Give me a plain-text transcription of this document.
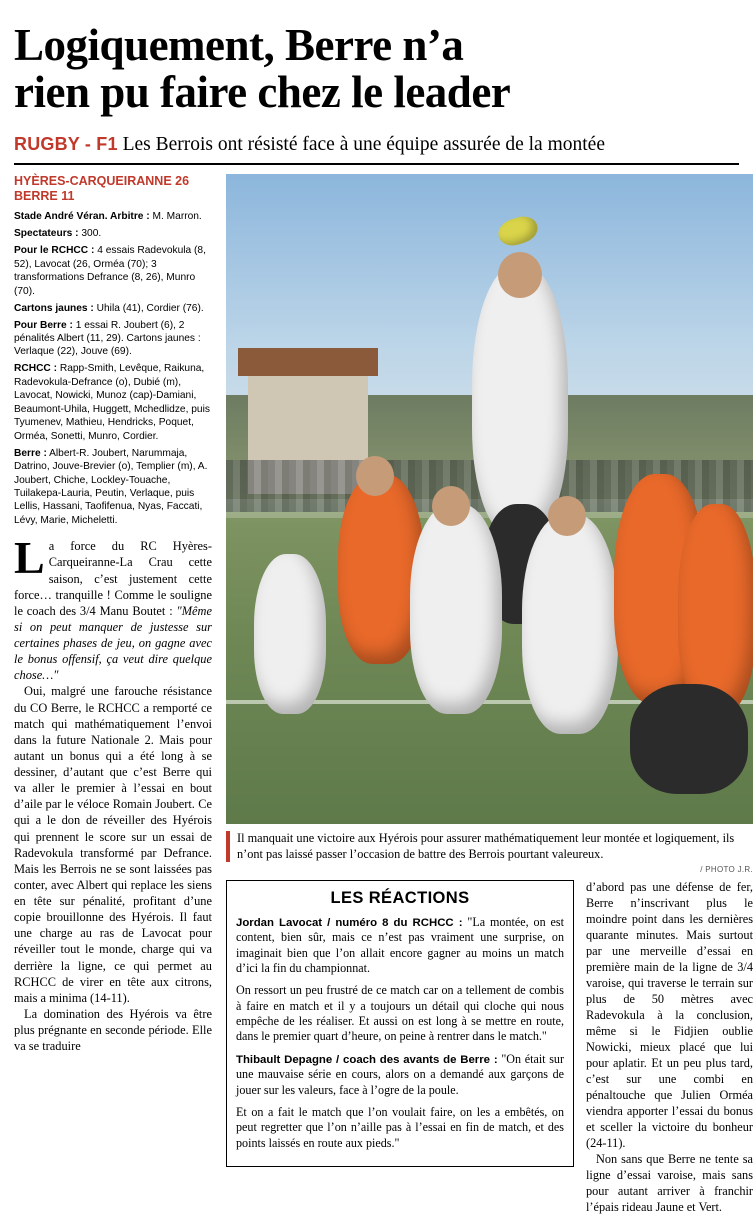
Logiquement, Berre n’a
rien pu faire chez le leader
RUGBY - F1 Les Berrois ont résisté face à une équipe assurée de la montée
HYÈRES-CARQUEIRANNE 26
BERRE 11

Stade André Véran. Arbitre : M. Marron.

Spectateurs : 300.

Pour le RCHCC : 4 essais Radevokula (8, 52), Lavocat (26, Orméa (70); 3 transformations Defrance (8, 26), Munro (70).

Cartons jaunes : Uhila (41), Cordier (76).

Pour Berre : 1 essai R. Joubert (6), 2 pénalités Albert (11, 29). Cartons jaunes : Verlaque (22), Jouve (69).

RCHCC : Rapp-Smith, Levêque, Raikuna, Radevokula-Defrance (o), Dubié (m), Lavocat, Nowicki, Munoz (cap)-Damiani, Beaumont-Uhila, Huggett, Mchedlidze, puis Tyumenev, Mathieu, Hendricks, Poquet, Orméa, Sonetti, Munro, Cordier.

Berre : Albert-R. Joubert, Narummaja, Datrino, Jouve-Brevier (o), Templier (m), A. Joubert, Chiche, Lockley-Touache, Tuilakepa-Lauria, Peutin, Verlaque, puis Lellis, Hassani, Taofifenua, Nyas, Faccati, Lévy, Marie, Micheletti.

La force du RC Hyères-Carqueiranne-La Crau cette saison, c’est justement cette force… tranquille ! Comme le souligne le coach des 3/4 Manu Boutet : "Même si on peut manquer de justesse sur certaines phases de jeu, on gagne avec le bonus offensif, ça veut dire quelque chose…"

Oui, malgré une farouche résistance du CO Berre, le RCHCC a remporté ce match qui mathématiquement l’envoi dans la future Nationale 2. Mais pour autant un bonus qui a été long à se dessiner, d’autant que c’est Berre qui va aller le premier à l’essai en bout d’aile par le véloce Romain Joubert. Ce qui a le don de réveiller des Hyérois qui prennent le score sur un essai de Radevokula transformé par Defrance. Mais les Berrois ne se sont laissées pas conter, avec Albert qui replace les siens en tête sur pénalité, profitant d’une copie brouillonne des Hyérois. Il faut une charge au ras de Lavocat pour réveiller tout le monde, charge qui va derrière la ligne, ce qui permet au RCHCC de virer en tête aux citrons, mais a minima (14-11).

La domination des Hyérois va être plus prégnante en seconde période. Elle va se traduire

Il manquait une victoire aux Hyérois pour assurer mathématiquement leur montée et logiquement, ils n’ont pas laissé passer l’occasion de battre des Berrois pourtant valeureux.
/ PHOTO J.R.
LES RÉACTIONS

Jordan Lavocat / numéro 8 du RCHCC : "La montée, on est content, bien sûr, mais ce n’est pas vraiment une surprise, on imaginait bien que l’on allait encore gagner au moins un match d’ici la fin du championnat.

On ressort un peu frustré de ce match car on a tellement de combis à faire en match et il y a toujours un détail qui cloche qui nous empêche de les réaliser. Et aussi on est long à se mettre en route, dans le premier quart d’heure, on peine à rentrer dans le match."

Thibault Depagne / coach des avants de Berre : "On était sur une mauvaise série en cours, alors on a demandé aux garçons de jouer sur les valeurs, face à l’ogre de la poule.

Et on a fait le match que l’on voulait faire, on les a embêtés, on peut regretter que l’on n’aille pas à l’essai en fin de match, et des points laissés en route aux pieds."

d’abord pas une défense de fer, Berre n’inscrivant plus le moindre point dans les dernières quarante minutes. Mais surtout par une merveille d’essai en première main de la ligne de 3/4 varoise, qui traverse le terrain sur plus de 50 mètres avec Radevokula à la conclusion, même si le Fidjien oublie Nowicki, mieux placé que lui pour aplatir. Et un peu plus tard, c’est sur une combi en pénaltouche que Julien Orméa viendra apporter l’essai du bonus et sceller la victoire du bonheur (24-11).

Non sans que Berre ne tente sa ligne d’essai varoise, mais sans pour autant arriver à franchir l’épais rideau Jaune et Vert.
